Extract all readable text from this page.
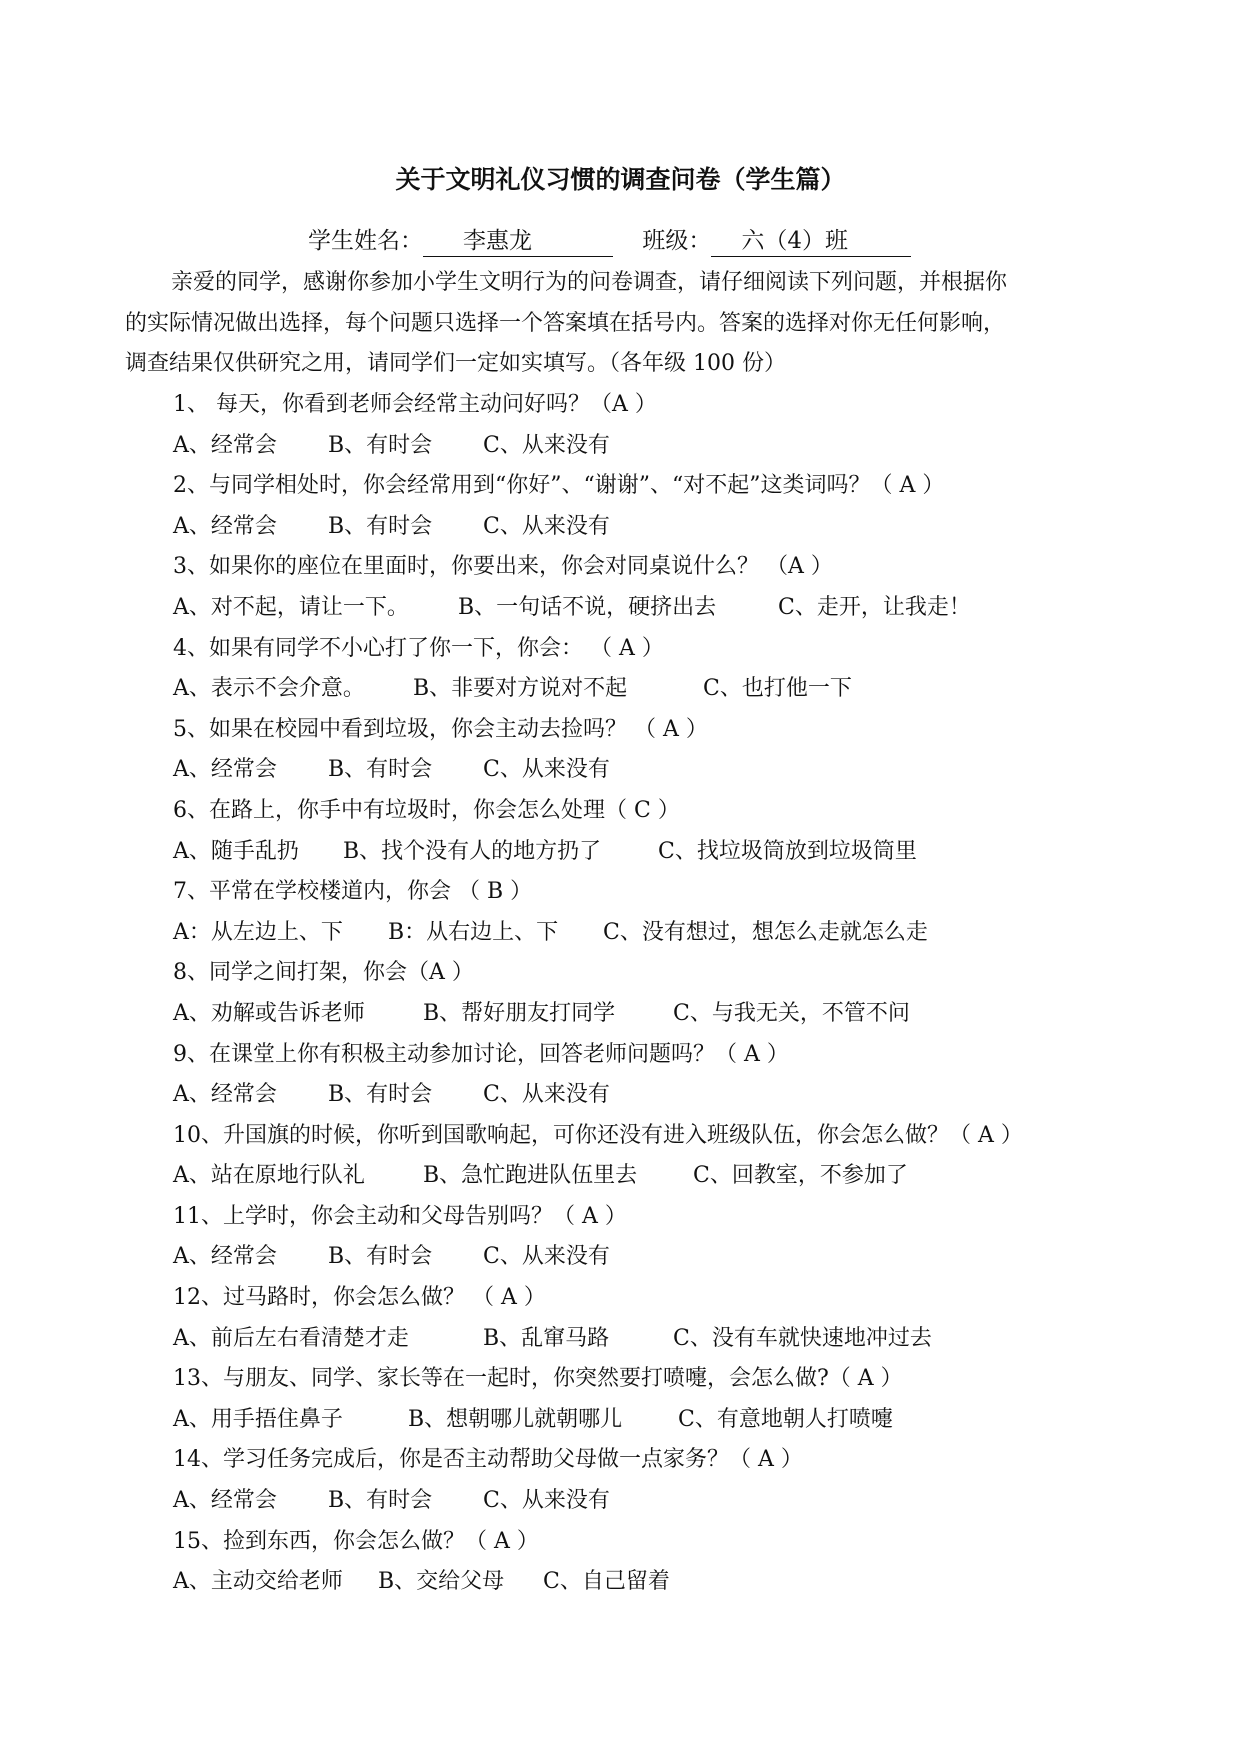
关于文明礼仪习惯的调查问卷（学生篇）
学生姓名： 李惠龙	班级： 六（4）班

亲爱的同学，感谢你参加小学生文明行为的问卷调查，请仔细阅读下列问题，并根据你

的实际情况做出选择，每个问题只选择一个答案填在括号内。答案的选择对你无任何影响，

调查结果仅供研究之用，请同学们一定如实填写。（各年级 100 份）

1、 每天，你看到老师会经常主动问好吗？（A ）
A、经常会 B、有时会 C、从来没有
2、与同学相处时，你会经常用到“你好”、“谢谢”、“对不起”这类词吗？（ A ）
A、经常会 B、有时会 C、从来没有
3、如果你的座位在里面时，你要出来，你会对同桌说什么？ （A ）
A、对不起，请让一下。 B、一句话不说，硬挤出去	C、走开，让我走！
4、如果有同学不小心打了你一下，你会： （ A ）
A、表示不会介意。 B、非要对方说对不起	C、也打他一下
5、如果在校园中看到垃圾，你会主动去捡吗？ （ A ）
A、经常会 B、有时会 C、从来没有
6、在路上，你手中有垃圾时，你会怎么处理（ C ）
A、随手乱扔 B、找个没有人的地方扔了	C、找垃圾筒放到垃圾筒里
7、平常在学校楼道内，你会 （ B ）
A：从左边上、下 B：从右边上、下 C、没有想过，想怎么走就怎么走
8、同学之间打架，你会（A ）
A、劝解或告诉老师	B、帮好朋友打同学	C、与我无关，不管不问
9、在课堂上你有积极主动参加讨论，回答老师问题吗？（ A ）
A、经常会 B、有时会 C、从来没有
10、升国旗的时候，你听到国歌响起，可你还没有进入班级队伍，你会怎么做？（ A ）
A、站在原地行队礼	B、急忙跑进队伍里去	C、回教室，不参加了
11、上学时，你会主动和父母告别吗？（ A ）
A、经常会 B、有时会 C、从来没有
12、过马路时，你会怎么做？ （ A ）
A、前后左右看清楚才走	B、乱窜马路	C、没有车就快速地冲过去
13、与朋友、同学、家长等在一起时，你突然要打喷嚏，会怎么做?（ A ）
A、用手捂住鼻子	B、想朝哪儿就朝哪儿	C、有意地朝人打喷嚏
14、学习任务完成后，你是否主动帮助父母做一点家务？（ A ）
A、经常会 B、有时会 C、从来没有
15、捡到东西，你会怎么做？（ A ）
A、主动交给老师 B、交给父母 C、自己留着
